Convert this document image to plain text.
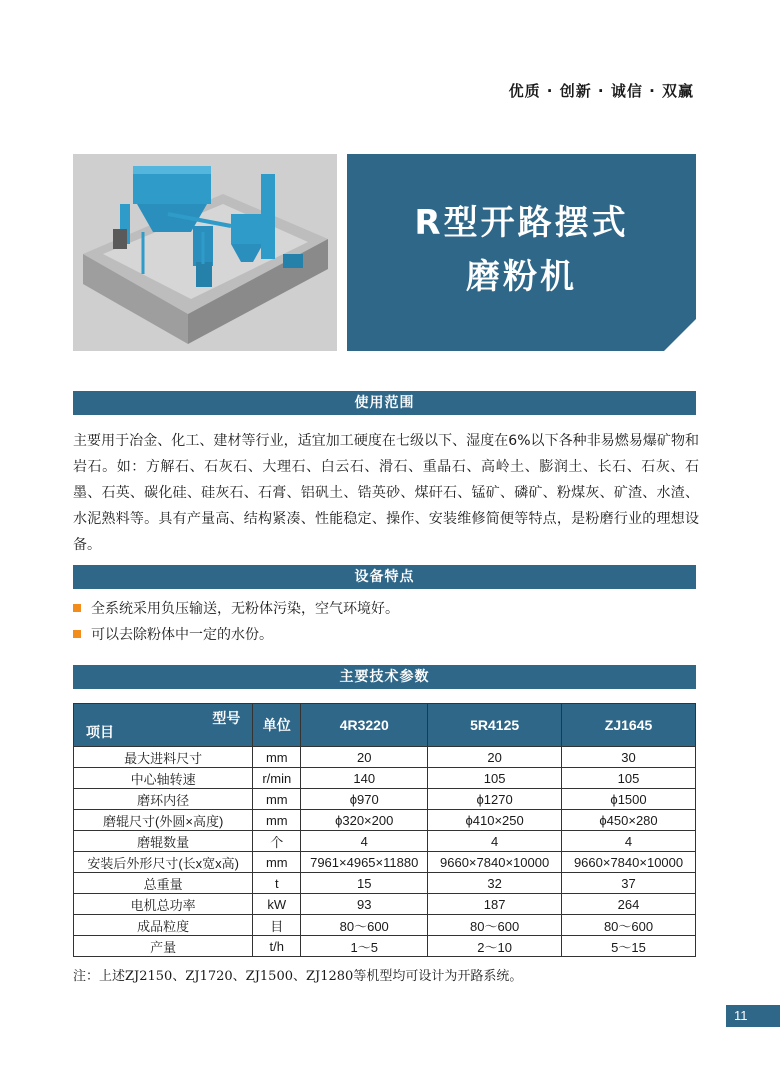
优质 · 创新 · 诚信 · 双赢
R型开路摆式
磨粉机
使用范围
主要用于冶金、化工、建材等行业，适宜加工硬度在七级以下、湿度在6%以下各种非易燃易爆矿物和岩石。如：方解石、石灰石、大理石、白云石、滑石、重晶石、高岭土、膨润土、长石、石灰、石墨、石英、碳化硅、硅灰石、石膏、铝矾土、锆英砂、煤矸石、锰矿、磷矿、粉煤灰、矿渣、水渣、水泥熟料等。具有产量高、结构紧凑、性能稳定、操作、安装维修简便等特点，是粉磨行业的理想设备。
设备特点
全系统采用负压输送，无粉体污染，空气环境好。
可以去除粉体中一定的水份。
主要技术参数
型号
项目	单位	4R3220	5R4125	ZJ1645
最大进料尺寸	mm	20	20	30
中心轴转速	r/min	140	105	105
磨环内径	mm	ϕ970	ϕ1270	ϕ1500
磨辊尺寸(外圆×高度)	mm	ϕ320×200	ϕ410×250	ϕ450×280
磨辊数量	个	4	4	4
安装后外形尺寸(长x宽x高)	mm	7961×4965×11880	9660×7840×10000	9660×7840×10000
总重量	t	15	32	37
电机总功率	kW	93	187	264
成品粒度	目	80～600	80～600	80～600
产量	t/h	1～5	2～10	5～15
注：上述ZJ2150、ZJ1720、ZJ1500、ZJ1280等机型均可设计为开路系统。
11
